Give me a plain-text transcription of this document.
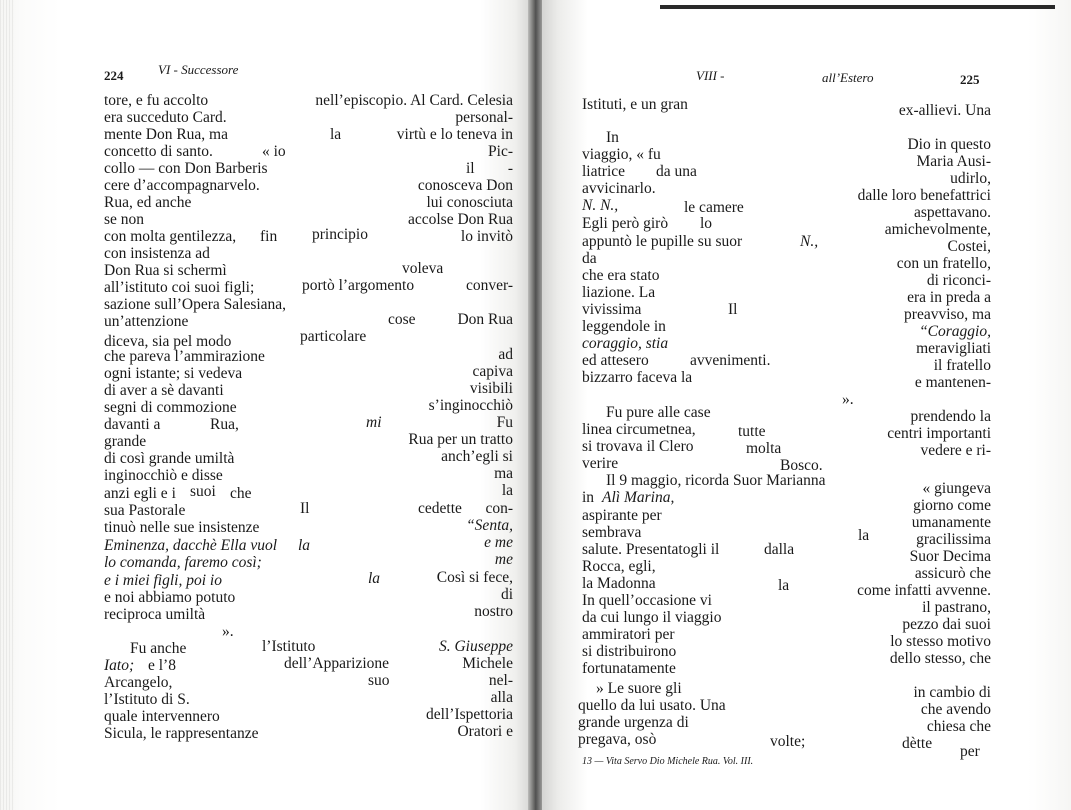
224	VI - Successore
tore, e fu accolto	nell’episcopio. Al Card. Celesia
era succeduto Card.	personal-
mente Don Rua, ma	la	virtù e lo teneva in
concetto di santo.	« io	Pic-
collo — con Don Barberis	il -
cere d’accompagnarvelo.	conosceva Don
Rua, ed anche	lui conosciuta
se non	accolse Don Rua
con molta gentilezza, fin principio	lo invitò
con insistenza ad
Don Rua si schermì	voleva
all’istituto coi suoi figli;	portò l’argomento	conver-
sazione sull’Opera Salesiana,
un’attenzione	cose	Don Rua
particolare
diceva, sia pel modo
che pareva l’ammirazione	ad
ogni istante; si vedeva	capiva
di aver a sè davanti	visibili
segni di commozione	s’inginocchiò
davanti a	Rua,	mi	Fu
grande	Rua per un tratto
di così grande umiltà	anch’egli si
inginocchiò e disse	ma
anzi egli e i suoi che	la
sua Pastorale	Il	cedette con-
tinuò nelle sue insistenze	“Senta,
Eminenza, dacchè Ella vuol la	e me
lo comanda, faremo così;	me
e i miei figli, poi io	la	Così si fece,
e noi abbiamo potuto	di
reciproca umiltà	nostro
».
Fu anche	l’Istituto	S. Giuseppe
Iato; e l’8	dell’Apparizione	Michele
Arcangelo,	suo	nel-
l’Istituto di S.	alla
quale intervennero	dell’Ispettoria
Sicula, le rappresentanze	Oratori e
VIII -	all’Estero	225
Istituti, e un gran	ex-allievi. Una
In
viaggio, « fu
Dio in questo
liatrice da una
Maria Ausi-
avvicinarlo.
udirlo,
N. N.,	le camere
dalle loro benefattrici
Egli però girò lo
aspettavano.
appuntò le pupille su suor	N.,
amichevolmente,
da
Costei,
che era stato
con un fratello,
liazione. La
di riconci-
vivissima	Il
era in preda a
leggendole in
preavviso, ma
coraggio, stia
“Coraggio,
ed attesero	avvenimenti.
meravigliati
bizzarro faceva la
il fratello
e mantenen-
».
Fu pure alle case	prendendo la
linea circumetnea,	tutte	centri importanti
si trovava il Clero	molta	vedere e ri-
verire	Bosco.
Il 9 maggio, ricorda Suor Marianna
in Alì Marina,
« giungeva
aspirante per
giorno come
sembrava
umanamente
salute. Presentatogli il	dalla
la	gracilissima
Rocca, egli,
Suor Decima
la Madonna	la
assicurò che
In quell’occasione vi
come infatti avvenne.
da cui lungo il viaggio
il pastrano,
ammiratori per
pezzo dai suoi
si distribuirono
lo stesso motivo
fortunatamente
dello stesso, che
» Le suore gli	in cambio di
quello da lui usato. Una	che avendo
grande urgenza di	chiesa che
pregava, osò	volte;	dètte per
13 — Vita Servo Dio Michele Rua. Vol. III.
